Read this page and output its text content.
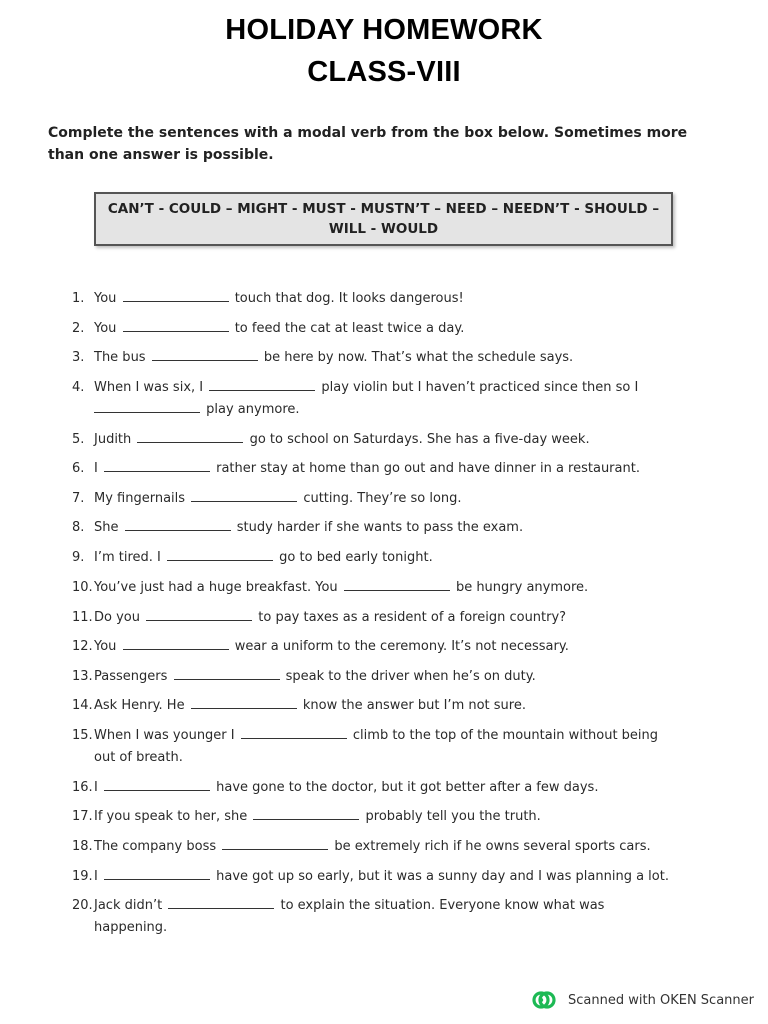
HOLIDAY HOMEWORK
CLASS-VIII
Complete the sentences with a modal verb from the box below. Sometimes more than one answer is possible.
CAN’T - COULD – MIGHT - MUST - MUSTN’T – NEED – NEEDN’T - SHOULD – WILL - WOULD
1. You	touch that dog. It looks dangerous!
2. You	to feed the cat at least twice a day.
3. The bus	be here by now. That’s what the schedule says.
4. When I was six, I	play violin but I haven’t practiced since then so I
play anymore.
5. Judith	go to school on Saturdays. She has a five-day week.
6. I	rather stay at home than go out and have dinner in a restaurant.
7. My fingernails	cutting. They’re so long.
8. She	study harder if she wants to pass the exam.
9. I’m tired. I	go to bed early tonight.
10. You’ve just had a huge breakfast. You	be hungry anymore.
11. Do you	to pay taxes as a resident of a foreign country?
12. You	wear a uniform to the ceremony. It’s not necessary.
13. Passengers	speak to the driver when he’s on duty.
14. Ask Henry. He	know the answer but I’m not sure.
15. When I was younger I	climb to the top of the mountain without being
out of breath.
16. I	have gone to the doctor, but it got better after a few days.
17. If you speak to her, she	probably tell you the truth.
18. The company boss	be extremely rich if he owns several sports cars.
19. I	have got up so early, but it was a sunny day and I was planning a lot.
20. Jack didn’t	to explain the situation. Everyone know what was
happening.
Scanned with OKEN Scanner
